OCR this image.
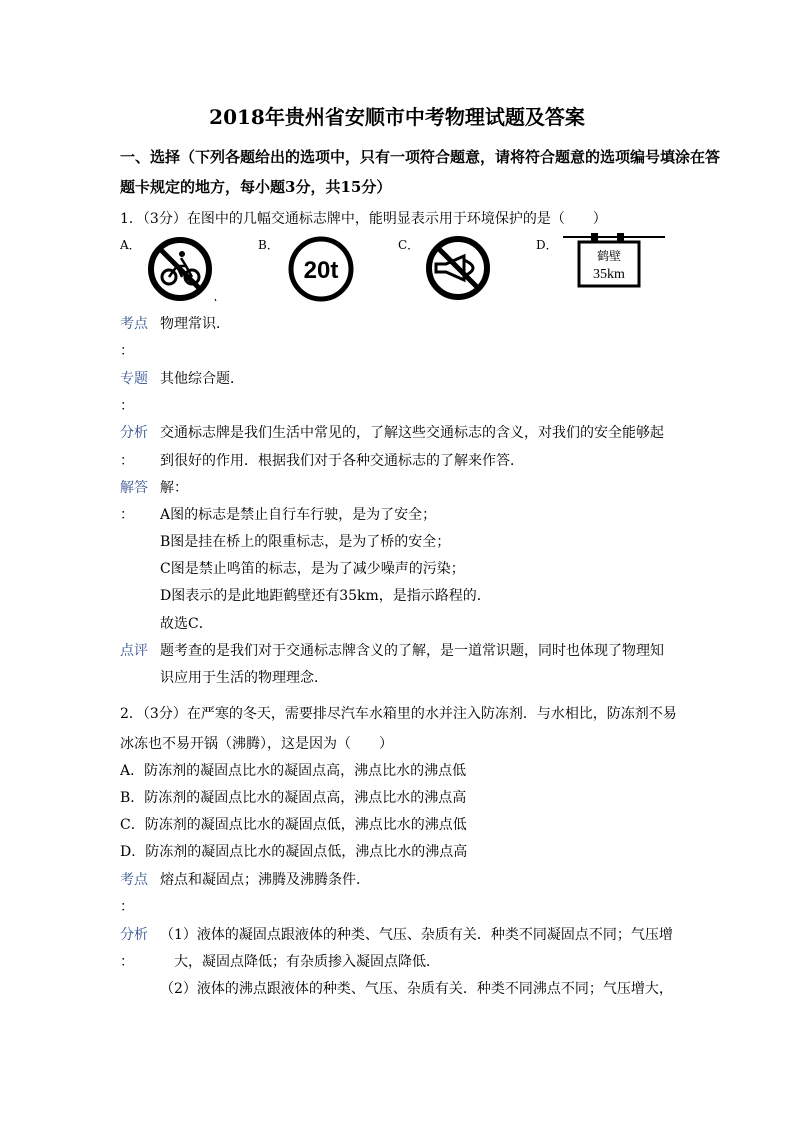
2018年贵州省安顺市中考物理试题及答案
一、选择（下列各题给出的选项中，只有一项符合题意，请将符合题意的选项编号填涂在答
题卡规定的地方，每小题3分，共15分）
1．（3分）在图中的几幅交通标志牌中，能明显表示用于环境保护的是（　　）
A．	B．
20t
C．	D．
鹤壁
35km
考点 物理常识．
：
专题 其他综合题．
：
分析 交通标志牌是我们生活中常见的，了解这些交通标志的含义，对我们的安全能够起
： 到很好的作用．根据我们对于各种交通标志的了解来作答．
解答 解：
： A图的标志是禁止自行车行驶，是为了安全；
B图是挂在桥上的限重标志，是为了桥的安全；
C图是禁止鸣笛的标志，是为了减少噪声的污染；
D图表示的是此地距鹤壁还有35km，是指示路程的．
故选C．
点评 题考查的是我们对于交通标志牌含义的了解，是一道常识题，同时也体现了物理知
识应用于生活的物理理念．
2．（3分）在严寒的冬天，需要排尽汽车水箱里的水并注入防冻剂．与水相比，防冻剂不易
冰冻也不易开锅（沸腾），这是因为（　　）
A．防冻剂的凝固点比水的凝固点高，沸点比水的沸点低
B．防冻剂的凝固点比水的凝固点高，沸点比水的沸点高
C．防冻剂的凝固点比水的凝固点低，沸点比水的沸点低
D．防冻剂的凝固点比水的凝固点低，沸点比水的沸点高
考点 熔点和凝固点；沸腾及沸腾条件．
：
分析 （1）液体的凝固点跟液体的种类、气压、杂质有关．种类不同凝固点不同；气压增
：	大，凝固点降低；有杂质掺入凝固点降低．
（2）液体的沸点跟液体的种类、气压、杂质有关．种类不同沸点不同；气压增大，
